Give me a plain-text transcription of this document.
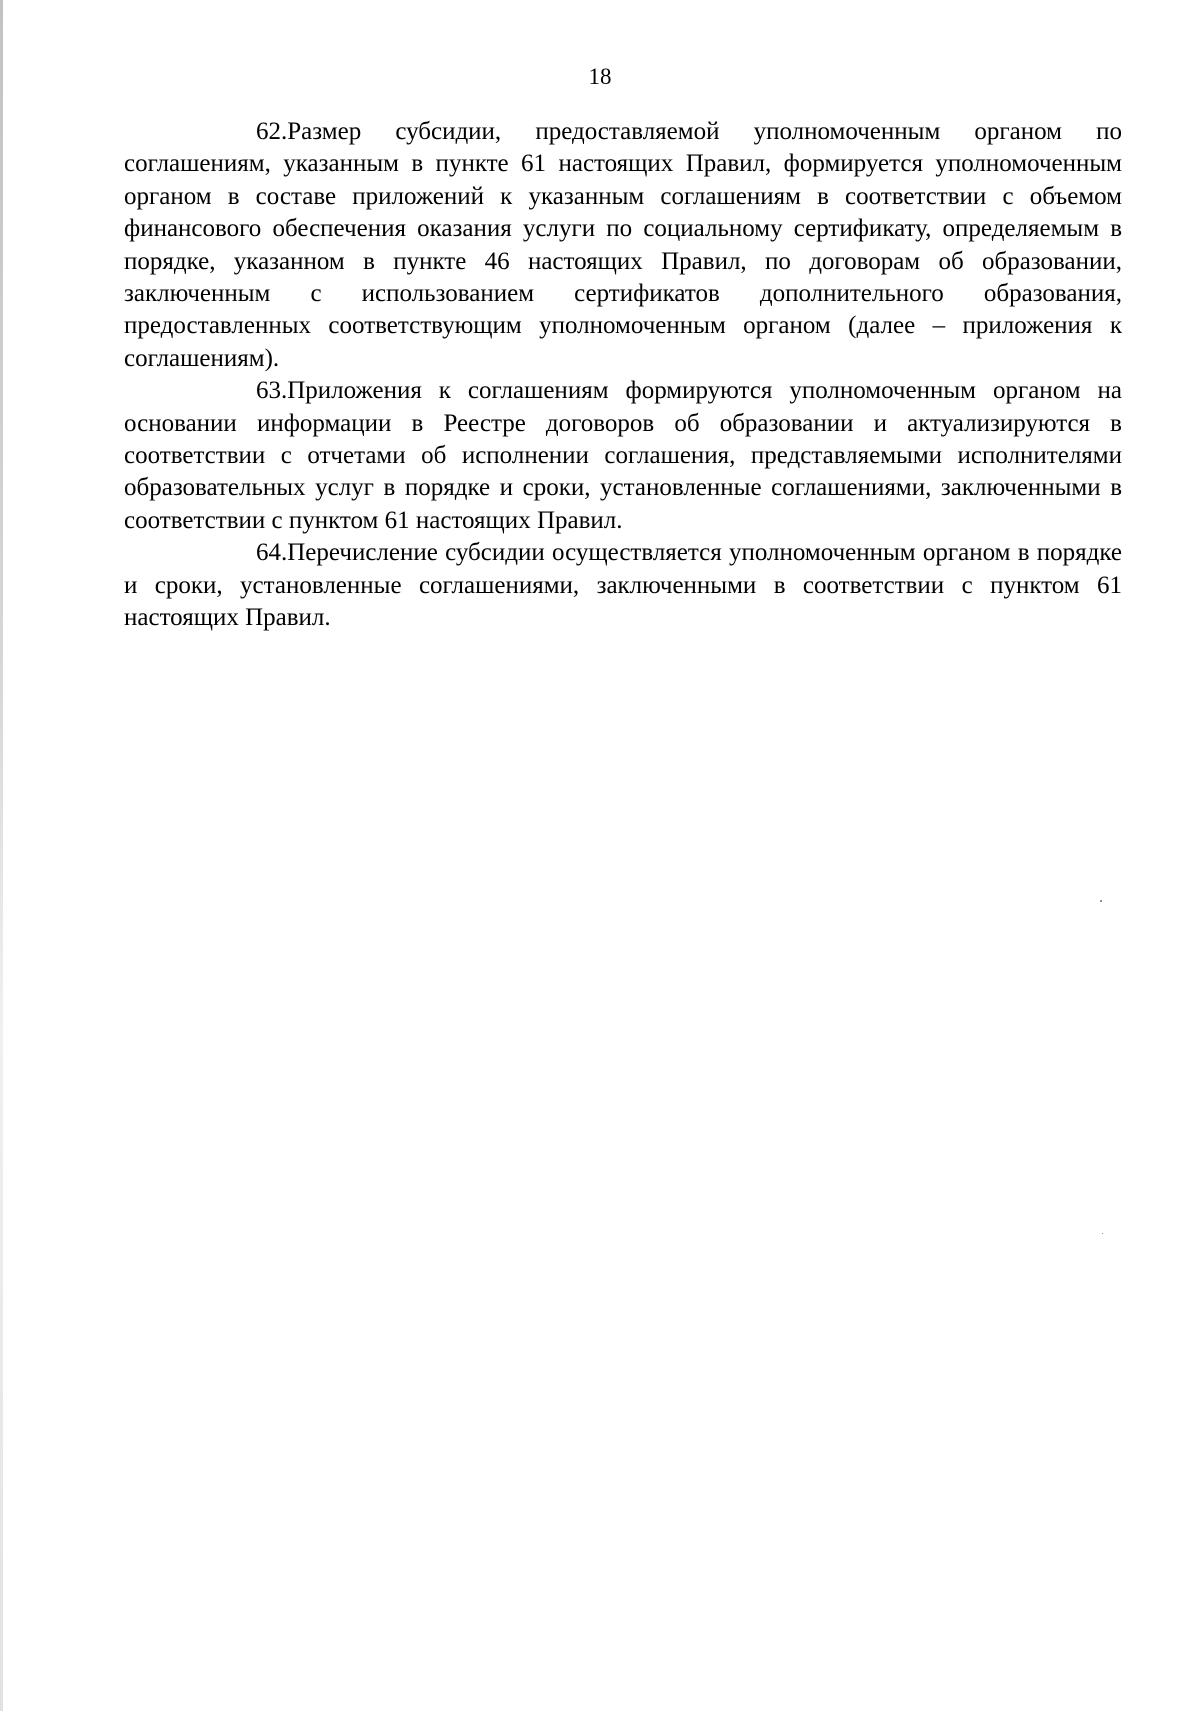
18

62.Размер субсидии, предоставляемой уполномоченным органом по соглашениям, указанным в пункте 61 настоящих Правил, формируется уполномоченным органом в составе приложений к указанным соглашениям в соответствии с объемом финансового обеспечения оказания услуги по социальному сертификату, определяемым в порядке, указанном в пункте 46 настоящих Правил, по договорам об образовании, заключенным с использованием сертификатов дополнительного образования, предоставленных соответствующим уполномоченным органом (далее – приложения к соглашениям).

63.Приложения к соглашениям формируются уполномоченным органом на основании информации в Реестре договоров об образовании и актуализируются в соответствии с отчетами об исполнении соглашения, представляемыми исполнителями образовательных услуг в порядке и сроки, установленные соглашениями, заключенными в соответствии с пунктом 61 настоящих Правил.

64.Перечисление субсидии осуществляется уполномоченным органом в порядке и сроки, установленные соглашениями, заключенными в соответствии с пунктом 61 настоящих Правил.
